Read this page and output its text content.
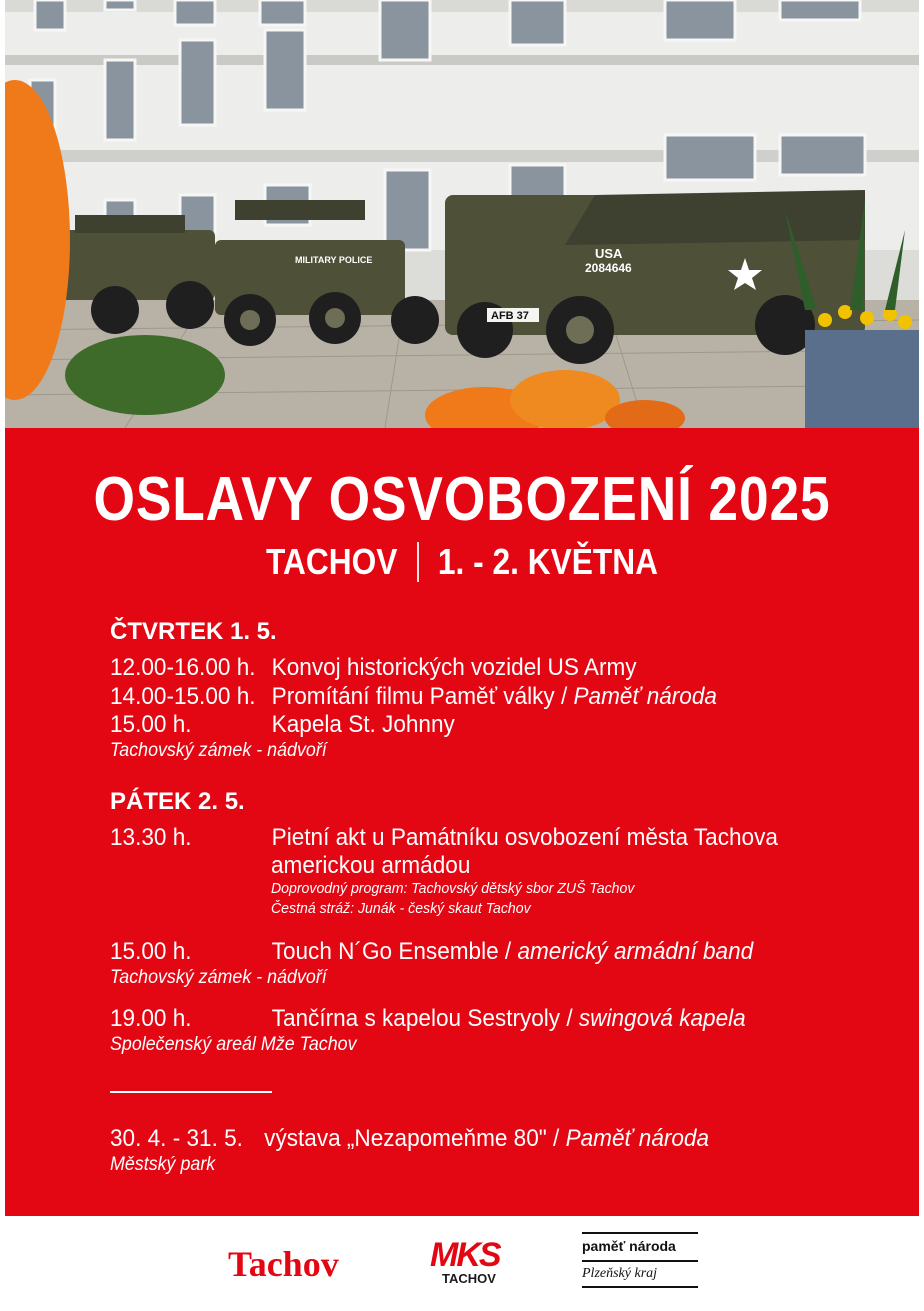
USA
2084646
MILITARY POLICE
AFB 37
OSLAVY OSVOBOZENÍ 2025
TACHOV 1. - 2. KVĚTNA
ČTVRTEK 1. 5.
12.00-16.00 h. Konvoj historických vozidel US Army
14.00-15.00 h. Promítání filmu Paměť války / Paměť národa
15.00 h.	Kapela St. Johnny
Tachovský zámek - nádvoří
PÁTEK 2. 5.
13.30 h.	Pietní akt u Památníku osvobození města Tachova
americkou armádou
Doprovodný program: Tachovský dětský sbor ZUŠ Tachov
Čestná stráž: Junák - český skaut Tachov
15.00 h.	Touch N´Go Ensemble / americký armádní band
Tachovský zámek - nádvoří
19.00 h.	Tančírna s kapelou Sestryoly / swingová kapela
Společenský areál Mže Tachov
30. 4. - 31. 5. výstava „Nezapomeňme 80" / Paměť národa
Městský park
Tachov	MKS
TACHOV
paměť národa
Plzeňský kraj
